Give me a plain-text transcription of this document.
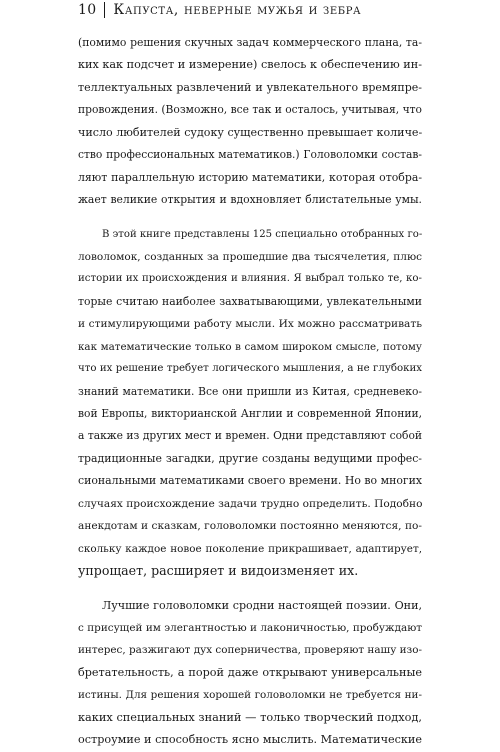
10 Капуста, неверные мужья и зебра
(помимо решения скучных задач коммерческого плана, та-
ких как подсчет и измерение) свелось к обеспечению ин-
теллектуальных развлечений и увлекательного времяпре-
провождения. (Возможно, все так и осталось, учитывая, что
число любителей судоку существенно превышает количе-
ство профессиональных математиков.) Головоломки состав-
ляют параллельную историю математики, которая отобра-
жает великие открытия и вдохновляет блистательные умы.
В этой книге представлены 125 специально отобранных го-
ловоломок, созданных за прошедшие два тысячелетия, плюс
истории их происхождения и влияния. Я выбрал только те, ко-
торые считаю наиболее захватывающими, увлекательными
и стимулирующими работу мысли. Их можно рассматривать
как математические только в самом широком смысле, потому
что их решение требует логического мышления, а не глубоких
знаний математики. Все они пришли из Китая, средневеко-
вой Европы, викторианской Англии и современной Японии,
а также из других мест и времен. Одни представляют собой
традиционные загадки, другие созданы ведущими профес-
сиональными математиками своего времени. Но во многих
случаях происхождение задачи трудно определить. Подобно
анекдотам и сказкам, головоломки постоянно меняются, по-
скольку каждое новое поколение прикрашивает, адаптирует,
упрощает, расширяет и видоизменяет их.
Лучшие головоломки сродни настоящей поэзии. Они,
с присущей им элегантностью и лаконичностью, пробуждают
интерес, разжигают дух соперничества, проверяют нашу изо-
бретательность, а порой даже открывают универсальные
истины. Для решения хорошей головоломки не требуется ни-
каких специальных знаний — только творческий подход,
остроумие и способность ясно мыслить. Математические
